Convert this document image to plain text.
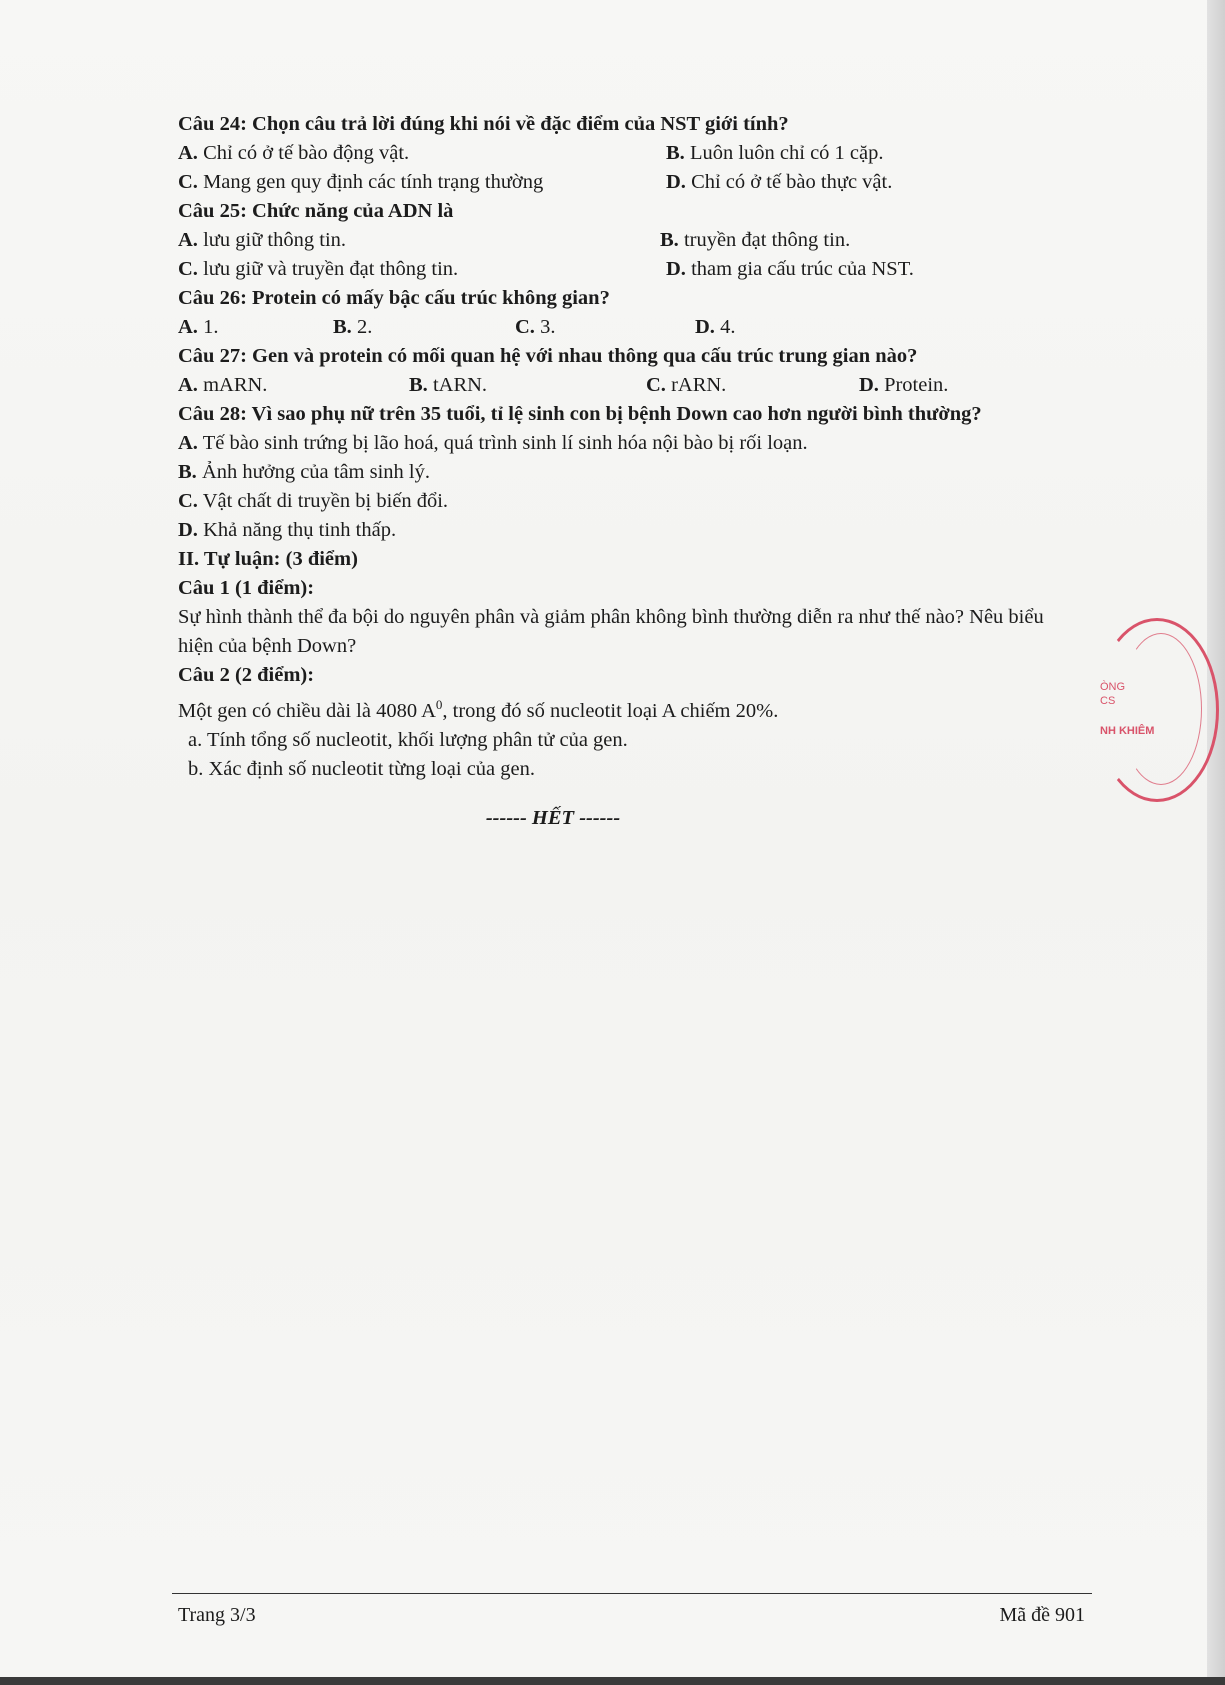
Câu 24: Chọn câu trả lời đúng khi nói về đặc điểm của NST giới tính?
A. Chỉ có ở tế bào động vật.	B. Luôn luôn chỉ có 1 cặp.
C. Mang gen quy định các tính trạng thường	D. Chỉ có ở tế bào thực vật.
Câu 25: Chức năng của ADN là
A. lưu giữ thông tin.	B. truyền đạt thông tin.
C. lưu giữ và truyền đạt thông tin.	D. tham gia cấu trúc của NST.
Câu 26: Protein có mấy bậc cấu trúc không gian?
A. 1.	B. 2.	C. 3.	D. 4.
Câu 27: Gen và protein có mối quan hệ với nhau thông qua cấu trúc trung gian nào?
A. mARN.	B. tARN.	C. rARN.	D. Protein.
Câu 28: Vì sao phụ nữ trên 35 tuổi, tỉ lệ sinh con bị bệnh Down cao hơn người bình thường?
A. Tế bào sinh trứng bị lão hoá, quá trình sinh lí sinh hóa nội bào bị rối loạn.
B. Ảnh hưởng của tâm sinh lý.
C. Vật chất di truyền bị biến đổi.
D. Khả năng thụ tinh thấp.
II. Tự luận: (3 điểm)
Câu 1 (1 điểm):
Sự hình thành thể đa bội do nguyên phân và giảm phân không bình thường diễn ra như thế nào? Nêu biểu hiện của bệnh Down?
Câu 2 (2 điểm):
Một gen có chiều dài là 4080 $A^0$, trong đó số nucleotit loại A chiếm 20%.
a. Tính tổng số nucleotit, khối lượng phân tử của gen.
b. Xác định số nucleotit từng loại của gen.
------ HẾT ------
ÒNG
CS
NH KHIÊM
Trang 3/3	Mã đề 901
